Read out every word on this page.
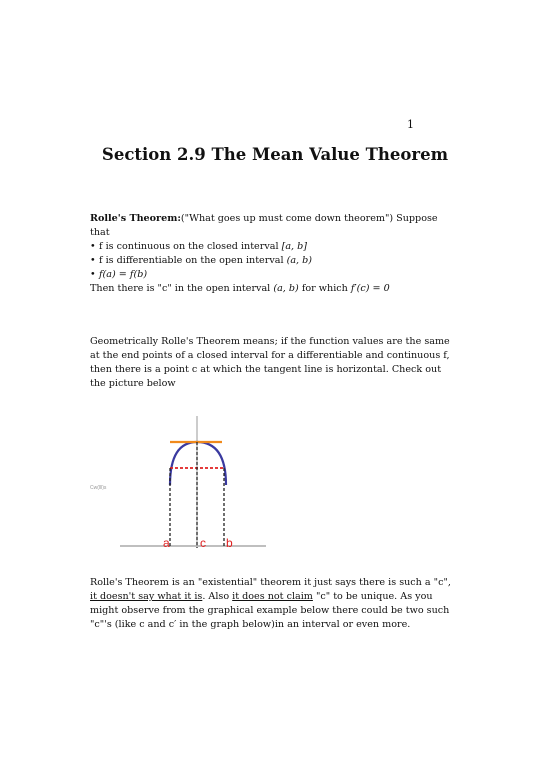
1
Section 2.9 The Mean Value Theorem
Rolle's Theorem:("What goes up must come down theorem") Suppose
that
• f is continuous on the closed interval [a, b]
• f is differentiable on the open interval (a, b)
• f(a) = f(b)
Then there is "c" in the open interval (a, b) for which f′(c) = 0
Geometrically Rolle's Theorem means; if the function values are the same
at the end points of a closed interval for a differentiable and continuous f,
then there is a point c at which the tangent line is horizontal. Check out
the picture below
a	c b
Cw(lll)s
Rolle's Theorem is an "existential" theorem it just says there is such a "c",
it doesn't say what it is. Also it does not claim "c" to be unique. As you
might observe from the graphical example below there could be two such
"c"'s (like c and c′ in the graph below)in an interval or even more.
